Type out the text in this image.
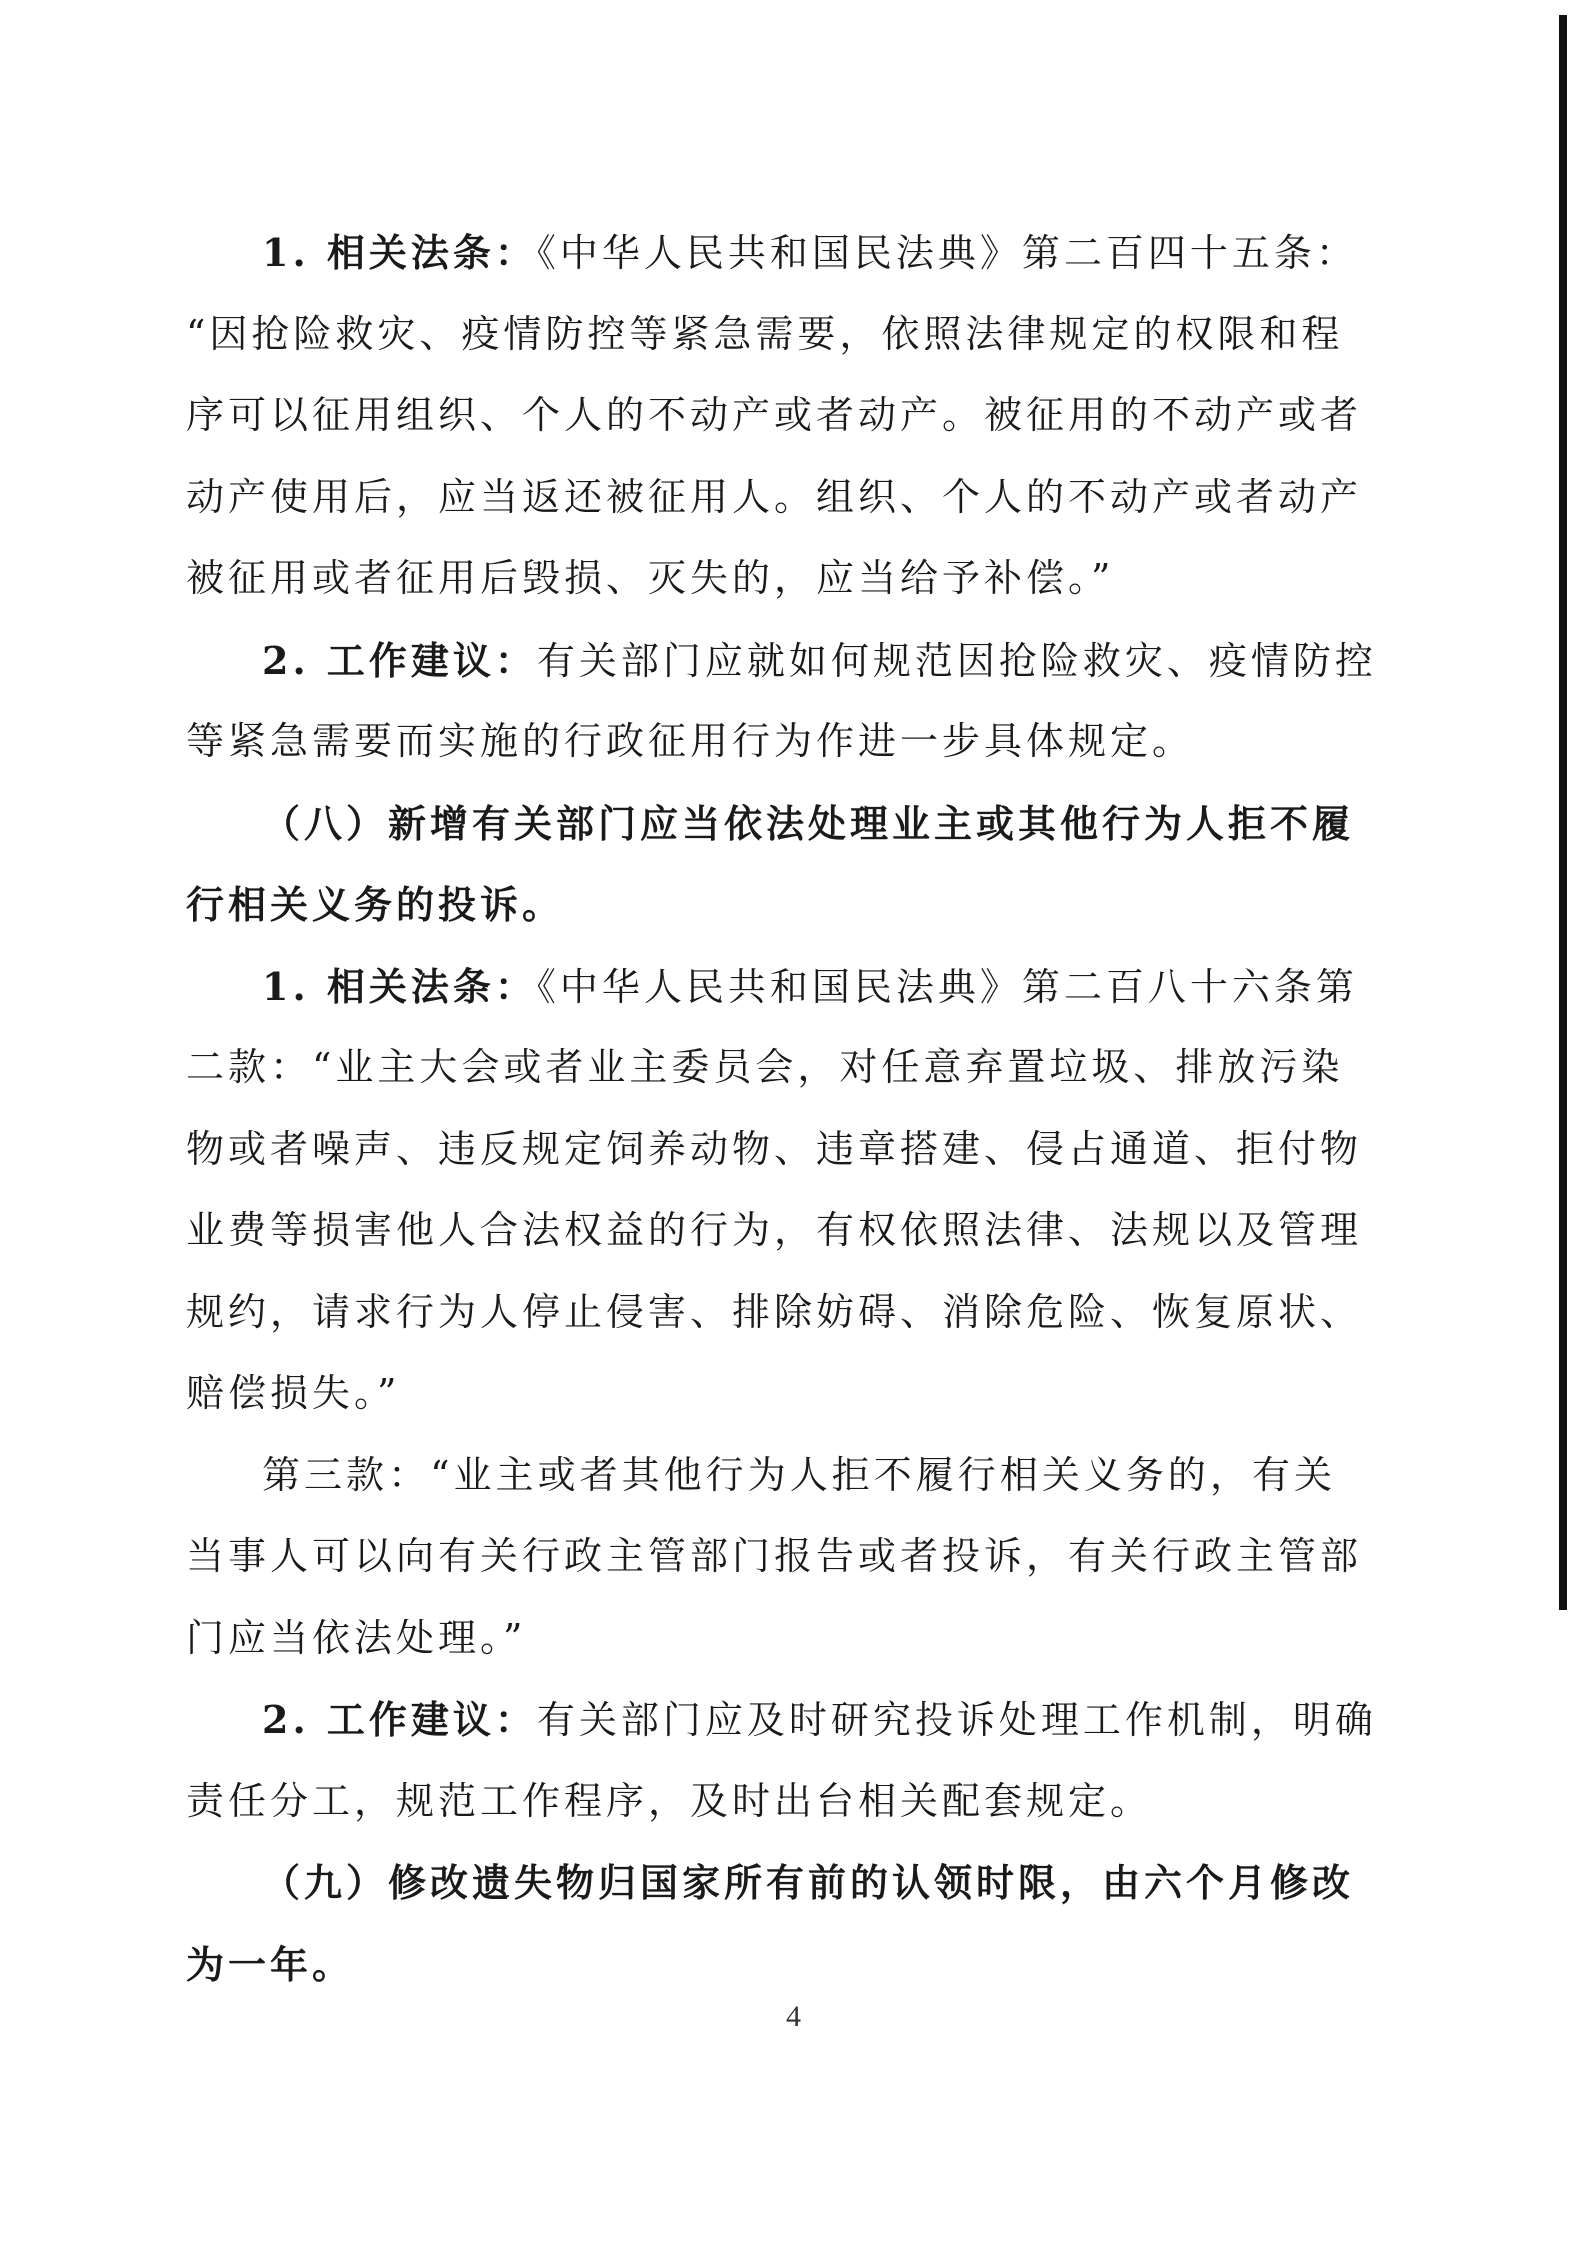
1. 相关法条：《中华人民共和国民法典》第二百四十五条：
“因抢险救灾、疫情防控等紧急需要，依照法律规定的权限和程
序可以征用组织、个人的不动产或者动产。被征用的不动产或者
动产使用后，应当返还被征用人。组织、个人的不动产或者动产
被征用或者征用后毁损、灭失的，应当给予补偿。”
2. 工作建议：有关部门应就如何规范因抢险救灾、疫情防控
等紧急需要而实施的行政征用行为作进一步具体规定。
（八）新增有关部门应当依法处理业主或其他行为人拒不履
行相关义务的投诉。
1. 相关法条：《中华人民共和国民法典》第二百八十六条第
二款：“业主大会或者业主委员会，对任意弃置垃圾、排放污染
物或者噪声、违反规定饲养动物、违章搭建、侵占通道、拒付物
业费等损害他人合法权益的行为，有权依照法律、法规以及管理
规约，请求行为人停止侵害、排除妨碍、消除危险、恢复原状、
赔偿损失。”
第三款：“业主或者其他行为人拒不履行相关义务的，有关
当事人可以向有关行政主管部门报告或者投诉，有关行政主管部
门应当依法处理。”
2. 工作建议：有关部门应及时研究投诉处理工作机制，明确
责任分工，规范工作程序，及时出台相关配套规定。
（九）修改遗失物归国家所有前的认领时限，由六个月修改
为一年。
4
